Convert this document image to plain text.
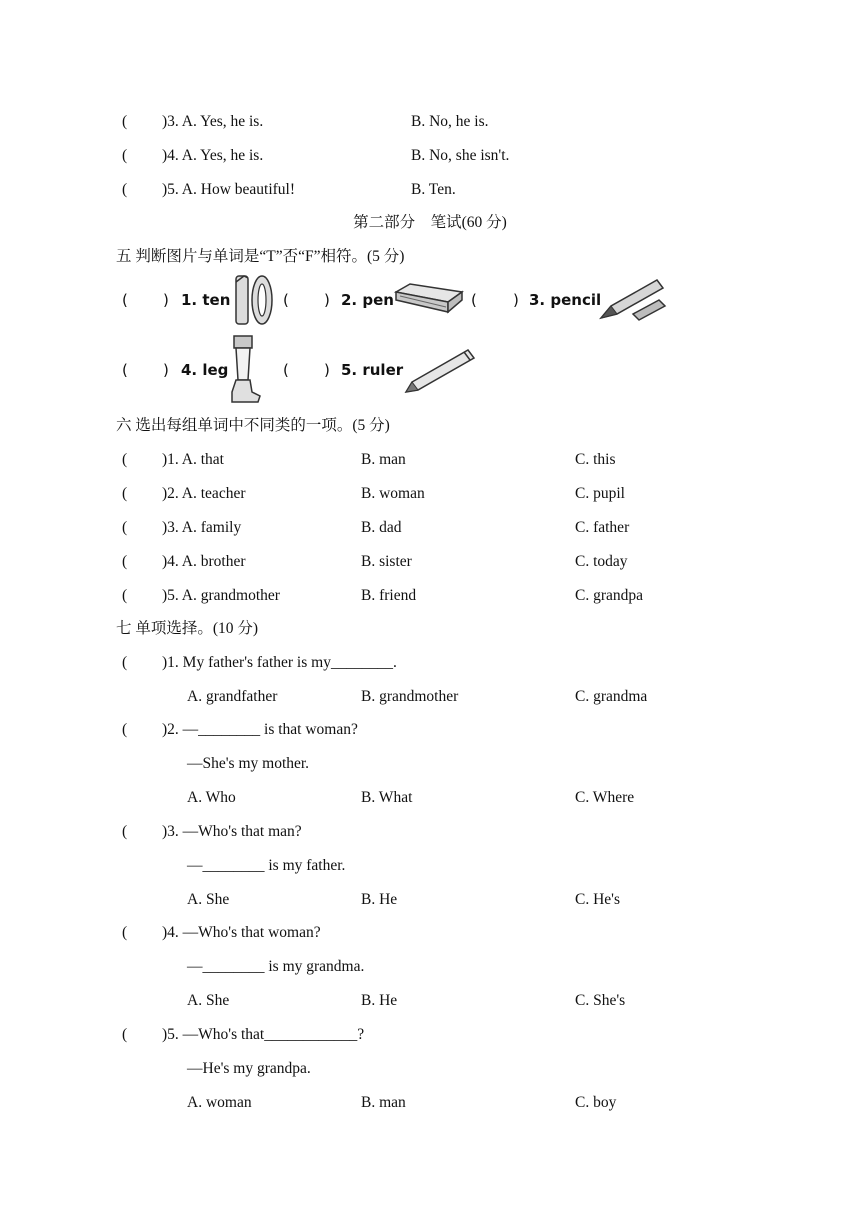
( )3. A. Yes, he is.	B. No, he is.
( )4. A. Yes, he is.	B. No, she isn't.
( )5. A. How beautiful!	B. Ten.
第二部分　笔试(60 分)
五 判断图片与单词是“T”否“F”相符。(5 分)
( ) 1. ten	( ) 2. pen	( ) 3. pencil
( ) 4. leg	( ) 5. ruler
六 选出每组单词中不同类的一项。(5 分)
( )1. A. that	B. man	C. this
( )2. A. teacher	B. woman	C. pupil
( )3. A. family	B. dad	C. father
( )4. A. brother	B. sister	C. today
( )5. A. grandmother	B. friend	C. grandpa
七 单项选择。(10 分)
( )1. My father's father is my________.
A. grandfather	B. grandmother	C. grandma
( )2. —________ is that woman?
—She's my mother.
A. Who	B. What	C. Where
( )3. —Who's that man?
—________ is my father.
A. She	B. He	C. He's
( )4. —Who's that woman?
—________ is my grandma.
A. She	B. He	C. She's
( )5. —Who's that____________?
—He's my grandpa.
A. woman	B. man	C. boy
